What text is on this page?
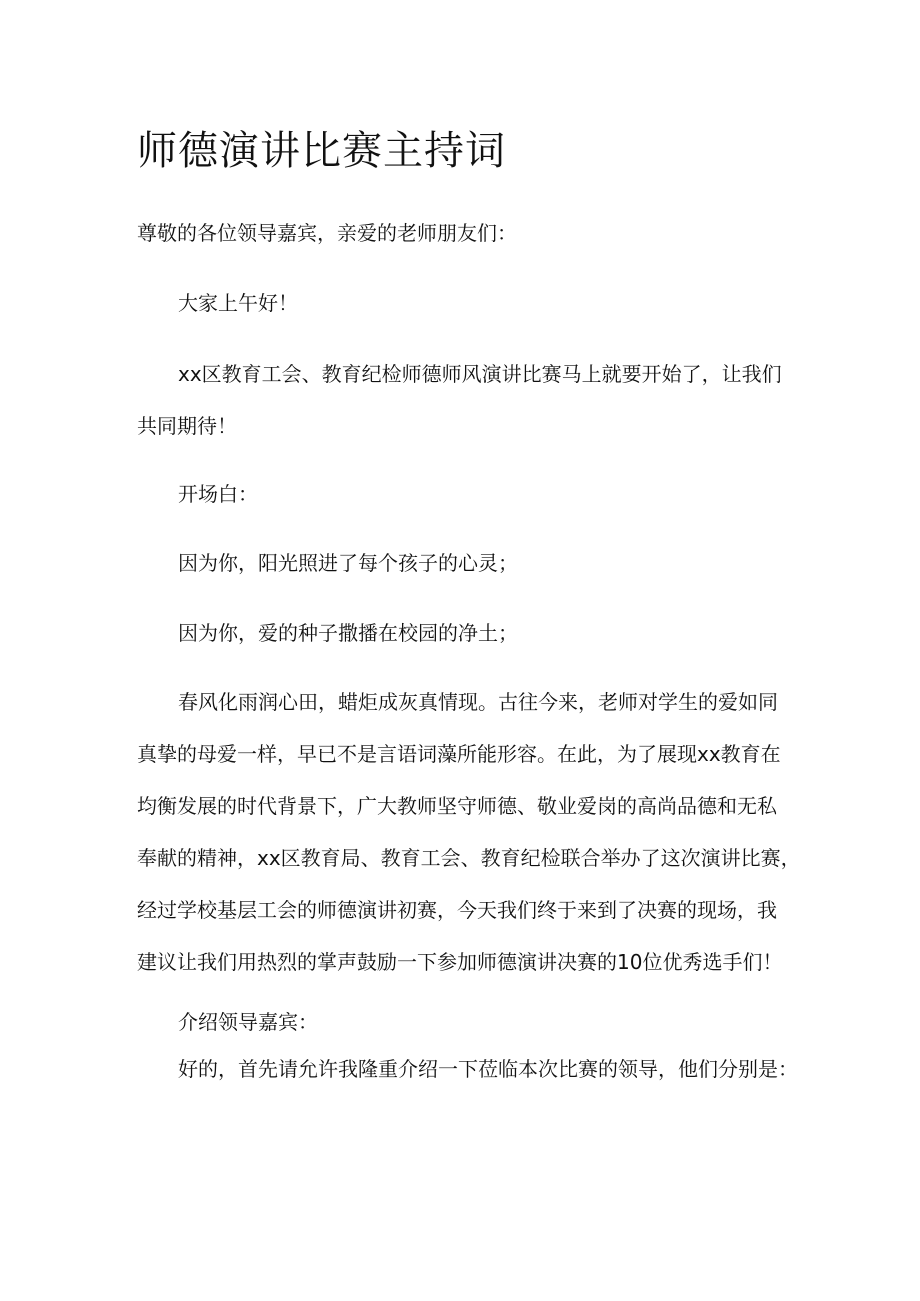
师德演讲比赛主持词

尊敬的各位领导嘉宾，亲爱的老师朋友们：

大家上午好！

xx区教育工会、教育纪检师德师风演讲比赛马上就要开始了，让我们
共同期待！

开场白：

因为你，阳光照进了每个孩子的心灵；

因为你，爱的种子撒播在校园的净土；

春风化雨润心田，蜡炬成灰真情现。古往今来，老师对学生的爱如同
真挚的母爱一样，早已不是言语词藻所能形容。在此，为了展现xx教育在
均衡发展的时代背景下，广大教师坚守师德、敬业爱岗的高尚品德和无私
奉献的精神，xx区教育局、教育工会、教育纪检联合举办了这次演讲比赛，
经过学校基层工会的师德演讲初赛，今天我们终于来到了决赛的现场，我
建议让我们用热烈的掌声鼓励一下参加师德演讲决赛的10位优秀选手们！

介绍领导嘉宾：

好的，首先请允许我隆重介绍一下莅临本次比赛的领导，他们分别是：
